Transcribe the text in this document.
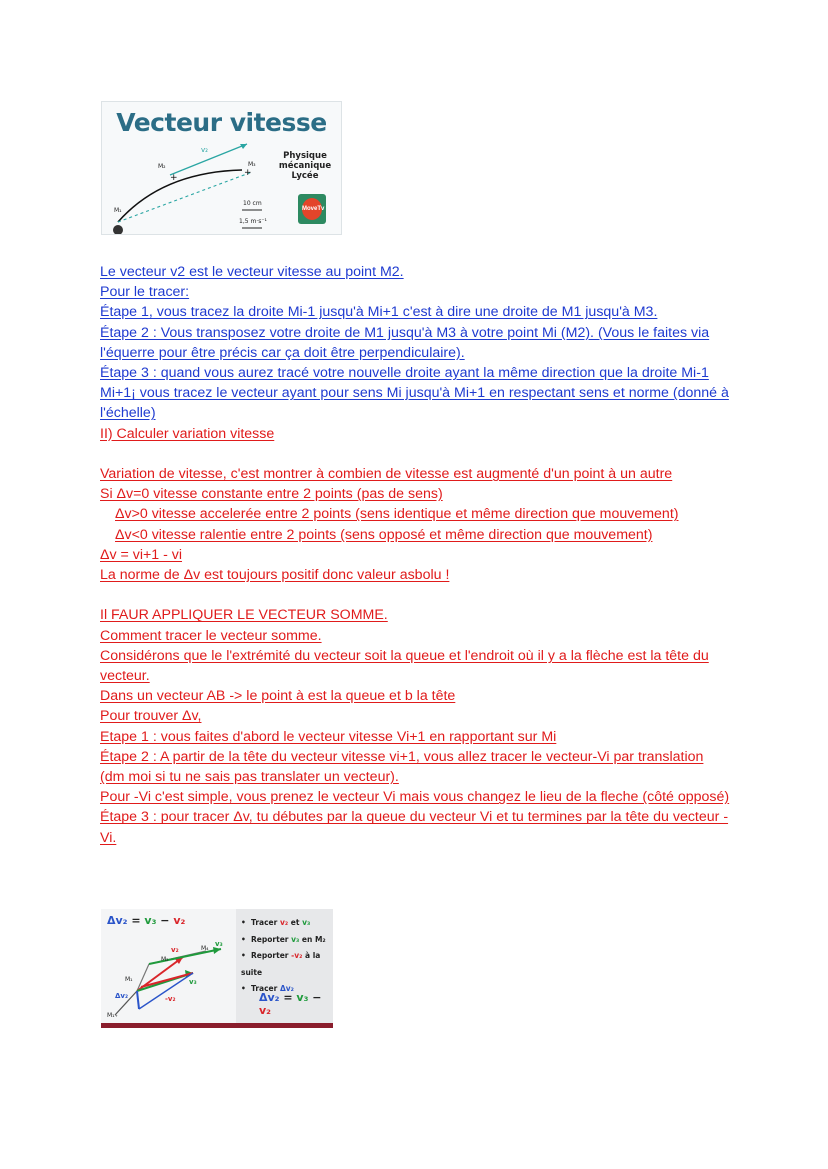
Vecteur vitesse
+	+
v₂
M₂	M₃
M₁
10 cm
1,5 m·s⁻¹
Physique mécanique Lycée
MoveTv

Le vecteur v2 est le vecteur vitesse au point M2.

Pour le tracer:

Étape 1, vous tracez la droite Mi-1 jusqu'à Mi+1 c'est à dire une droite de M1 jusqu'à M3.

Étape 2 : Vous transposez votre droite de M1 jusqu'à M3 à votre point Mi (M2). (Vous le faites via l'équerre pour être précis car ça doit être perpendiculaire).

Étape 3 : quand vous aurez tracé votre nouvelle droite ayant la même direction que la droite Mi-1 Mi+1¡ vous tracez le vecteur ayant pour sens Mi jusqu'à Mi+1 en respectant sens et norme (donné à l'échelle)

II) Calculer variation vitesse

Variation de vitesse, c'est montrer à combien de vitesse est augmenté d'un point à un autre

Si Δv=0 vitesse constante entre 2 points (pas de sens)

Δv>0 vitesse accelerée entre 2 points (sens identique et même direction que mouvement)

Δv<0 vitesse ralentie entre 2 points (sens opposé et même direction que mouvement)

Δv = vi+1 - vi

La norme de Δv est toujours positif donc valeur asbolu !

Il FAUR APPLIQUER LE VECTEUR SOMME.

Comment tracer le vecteur somme.

Considérons que le l'extrémité du vecteur soit la queue et l'endroit où il y a la flèche est la tête du vecteur.

Dans un vecteur AB -> le point à est la queue et b la tête

Pour trouver Δv,

Etape 1 : vous faites d'abord le vecteur vitesse Vi+1 en rapportant sur Mi

Étape 2 : A partir de la tête du vecteur vitesse vi+1, vous allez tracer le vecteur-Vi par translation (dm moi si tu ne sais pas translater un vecteur).

Pour -Vi c'est simple, vous prenez le vecteur Vi mais vous changez le lieu de la fleche (côté opposé)

Étape 3 : pour tracer Δv, tu débutes par la queue du vecteur Vi et tu termines par la tête du vecteur -Vi.

Δv₂ = v₃ − v₂
v₂
v₃
v₃
M₂
M₄
M₁
Δv₂	-v₂
M₁₊
•  Tracer v₂ et v₃
•  Reporter v₃ en M₂
•  Reporter -v₂ à la suite
•  Tracer Δv₂
Δv₂ = v₃ − v₂
